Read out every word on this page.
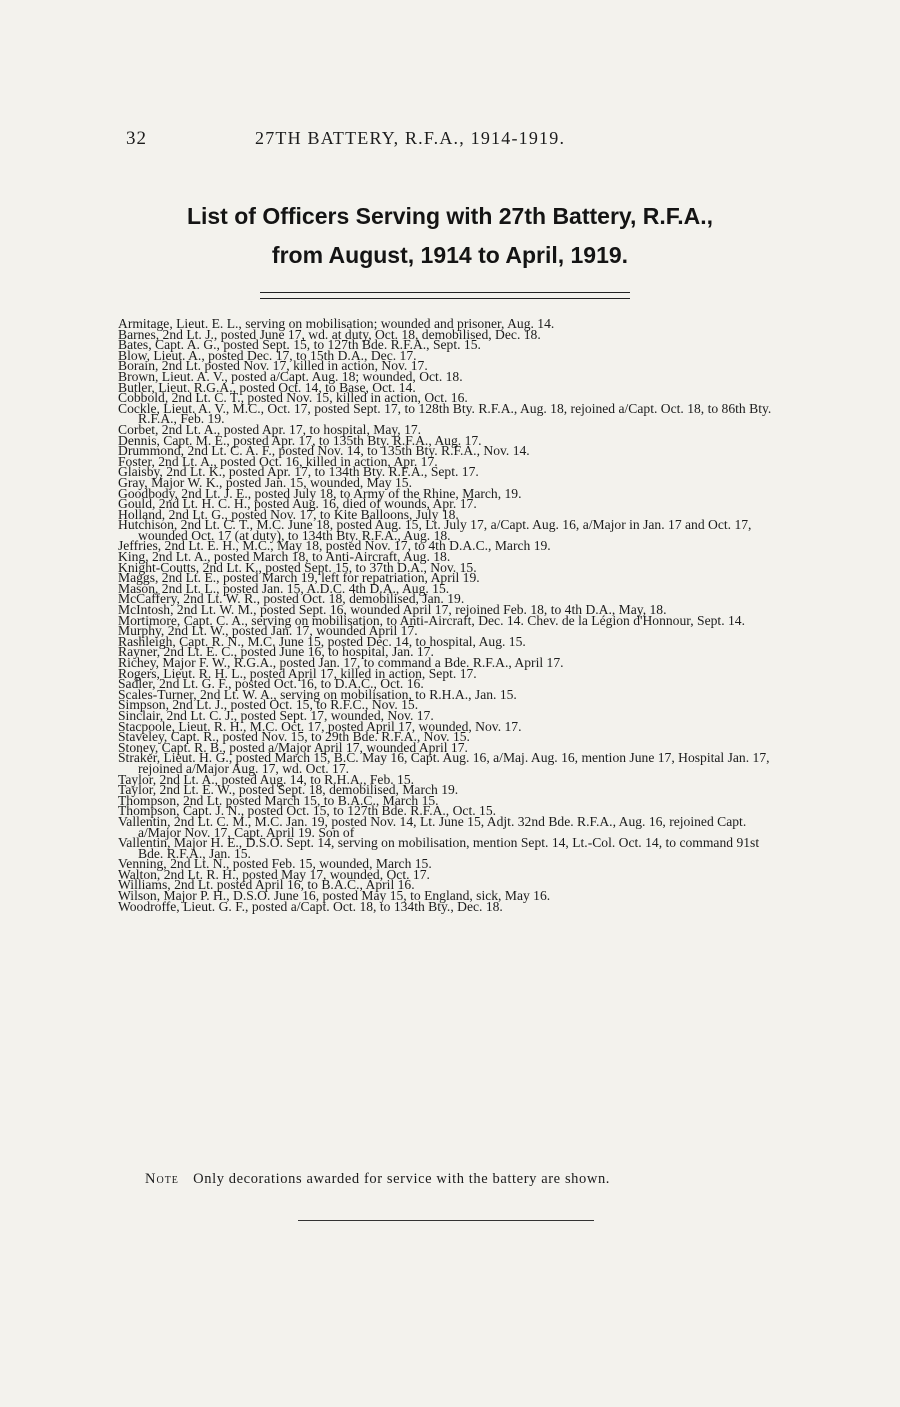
32	27TH BATTERY, R.F.A., 1914-1919.
List of Officers Serving with 27th Battery, R.F.A.,
from August, 1914 to April, 1919.
Armitage, Lieut. E. L., serving on mobilisation; wounded and prisoner, Aug. 14.
Barnes, 2nd Lt. J., posted June 17, wd. at duty, Oct. 18, demobilised, Dec. 18.
Bates, Capt. A. G., posted Sept. 15, to 127th Bde. R.F.A., Sept. 15.
Blow, Lieut. A., posted Dec. 17, to 15th D.A., Dec. 17.
Borain, 2nd Lt. posted Nov. 17, killed in action, Nov. 17.
Brown, Lieut. A. V., posted a/Capt. Aug. 18; wounded, Oct. 18.
Butler, Lieut. R.G.A., posted Oct. 14, to Base, Oct. 14.
Cobbold, 2nd Lt. C. T., posted Nov. 15, killed in action, Oct. 16.
Cockle, Lieut. A. V., M.C., Oct. 17, posted Sept. 17, to 128th Bty. R.F.A., Aug. 18, rejoined a/Capt. Oct. 18, to 86th Bty. R.F.A., Feb. 19.
Corbet, 2nd Lt. A., posted Apr. 17, to hospital, May, 17.
Dennis, Capt. M. E., posted Apr. 17, to 135th Bty. R.F.A., Aug. 17.
Drummond, 2nd Lt. C. A. F., posted Nov. 14, to 135th Bty. R.F.A., Nov. 14.
Foster, 2nd Lt. A., posted Oct. 16, killed in action, Apr. 17.
Glaisby, 2nd Lt. K., posted Apr. 17, to 134th Bty. R.F.A., Sept. 17.
Gray, Major W. K., posted Jan. 15, wounded, May 15.
Goodbody, 2nd Lt. J. E., posted July 18, to Army of the Rhine, March, 19.
Gould, 2nd Lt. H. C. H., posted Aug. 16, died of wounds, Apr. 17.
Holland, 2nd Lt. G., posted Nov. 17, to Kite Balloons, July 18.
Hutchison, 2nd Lt. C. T., M.C. June 18, posted Aug. 15, Lt. July 17, a/Capt. Aug. 16, a/Major in Jan. 17 and Oct. 17, wounded Oct. 17 (at duty), to 134th Bty. R.F.A., Aug. 18.
Jeffries, 2nd Lt. E. H., M.C., May 18, posted Nov. 17, to 4th D.A.C., March 19.
King, 2nd Lt. A., posted March 18, to Anti-Aircraft, Aug. 18.
Knight-Coutts, 2nd Lt. K., posted Sept. 15, to 37th D.A., Nov. 15.
Maggs, 2nd Lt. E., posted March 19, left for repatriation, April 19.
Mason, 2nd Lt. L., posted Jan. 15, A.D.C. 4th D.A., Aug. 15.
McCaffery, 2nd Lt. W. R., posted Oct. 18, demobilised, Jan. 19.
McIntosh, 2nd Lt. W. M., posted Sept. 16, wounded April 17, rejoined Feb. 18, to 4th D.A., May, 18.
Mortimore, Capt. C. A., serving on mobilisation, to Anti-Aircraft, Dec. 14. Chev. de la Légion d'Honnour, Sept. 14.
Murphy, 2nd Lt. W., posted Jan. 17, wounded April 17.
Rashleigh, Capt. R. N., M.C. June 15, posted Dec. 14, to hospital, Aug. 15.
Rayner, 2nd Lt. E. C., posted June 16, to hospital, Jan. 17.
Richey, Major F. W., R.G.A., posted Jan. 17, to command a Bde. R.F.A., April 17.
Rogers, Lieut. R. H. L., posted April 17, killed in action, Sept. 17.
Sadler, 2nd Lt. G. F., posted Oct. 16, to D.A.C., Oct. 16.
Scales-Turner, 2nd Lt. W. A., serving on mobilisation, to R.H.A., Jan. 15.
Simpson, 2nd Lt. J., posted Oct. 15, to R.F.C., Nov. 15.
Sinclair, 2nd Lt. C. J., posted Sept. 17, wounded, Nov. 17.
Stacpoole, Lieut. R. H., M.C. Oct. 17, posted April 17, wounded, Nov. 17.
Staveley, Capt. R., posted Nov. 15, to 29th Bde. R.F.A., Nov. 15.
Stoney, Capt. R. B., posted a/Major April 17, wounded April 17.
Straker, Lieut. H. G., posted March 15, B.C. May 16, Capt. Aug. 16, a/Maj. Aug. 16, mention June 17, Hospital Jan. 17, rejoined a/Major Aug. 17, wd. Oct. 17.
Taylor, 2nd Lt. A., posted Aug. 14, to R.H.A., Feb. 15.
Taylor, 2nd Lt. E. W., posted Sept. 18, demobilised, March 19.
Thompson, 2nd Lt. posted March 15, to B.A.C., March 15.
Thompson, Capt. J. N., posted Oct. 15, to 127th Bde. R.F.A., Oct. 15.
Vallentin, 2nd Lt. C. M., M.C. Jan. 19, posted Nov. 14, Lt. June 15, Adjt. 32nd Bde. R.F.A., Aug. 16, rejoined Capt. a/Major Nov. 17, Capt. April 19. Son of
Vallentin, Major H. E., D.S.O. Sept. 14, serving on mobilisation, mention Sept. 14, Lt.-Col. Oct. 14, to command 91st Bde. R.F.A., Jan. 15.
Venning, 2nd Lt. N., posted Feb. 15, wounded, March 15.
Walton, 2nd Lt. R. H., posted May 17, wounded, Oct. 17.
Williams, 2nd Lt. posted April 16, to B.A.C., April 16.
Wilson, Major P. H., D.S.O. June 16, posted May 15, to England, sick, May 16.
Woodroffe, Lieut. G. F., posted a/Capt. Oct. 18, to 134th Bty., Dec. 18.
Note Only decorations awarded for service with the battery are shown.
